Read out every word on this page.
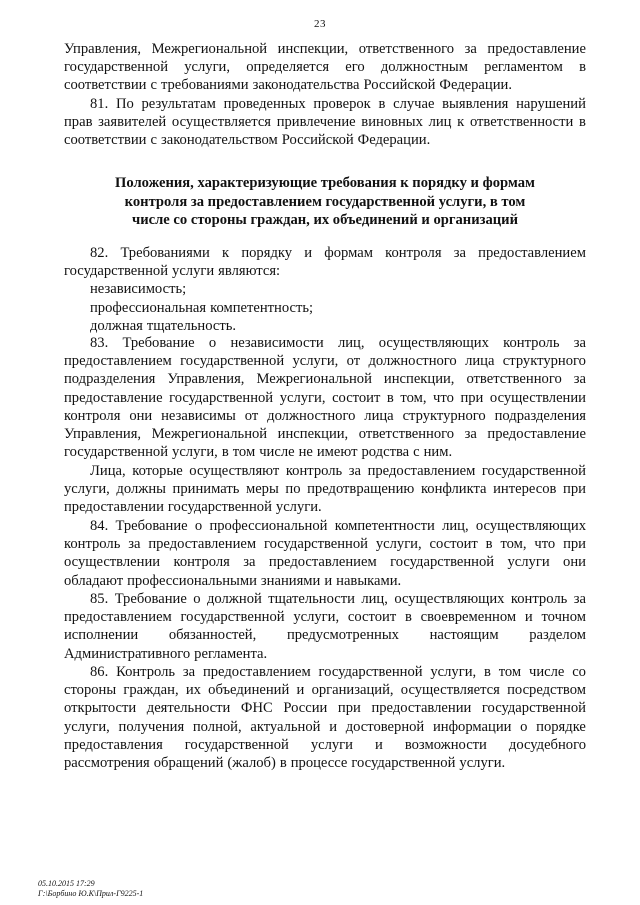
23
Управления, Межрегиональной инспекции, ответственного за предоставление
государственной услуги, определяется его должностным регламентом в
соответствии с требованиями законодательства Российской Федерации.
81. По результатам проведенных проверок в случае выявления нарушений
прав заявителей осуществляется привлечение виновных лиц к ответственности в
соответствии с законодательством Российской Федерации.
Положения, характеризующие требования к порядку и формам
контроля за предоставлением государственной услуги, в том
числе со стороны граждан, их объединений и организаций
82. Требованиями к порядку и формам контроля за предоставлением
государственной услуги являются:
независимость;
профессиональная компетентность;
должная тщательность.
83. Требование о независимости лиц, осуществляющих контроль за
предоставлением государственной услуги, от должностного лица структурного
подразделения Управления, Межрегиональной инспекции, ответственного за
предоставление государственной услуги, состоит в том, что при осуществлении
контроля они независимы от должностного лица структурного подразделения
Управления, Межрегиональной инспекции, ответственного за предоставление
государственной услуги, в том числе не имеют родства с ним.
Лица, которые осуществляют контроль за предоставлением государственной
услуги, должны принимать меры по предотвращению конфликта интересов при
предоставлении государственной услуги.
84. Требование о профессиональной компетентности лиц, осуществляющих
контроль за предоставлением государственной услуги, состоит в том, что при
осуществлении контроля за предоставлением государственной услуги они
обладают профессиональными знаниями и навыками.
85. Требование о должной тщательности лиц, осуществляющих контроль за
предоставлением государственной услуги, состоит в своевременном и точном
исполнении обязанностей, предусмотренных настоящим разделом
Административного регламента.
86. Контроль за предоставлением государственной услуги, в том числе со
стороны граждан, их объединений и организаций, осуществляется посредством
открытости деятельности ФНС России при предоставлении государственной
услуги, получения полной, актуальной и достоверной информации о порядке
предоставления государственной услуги и возможности досудебного
рассмотрения обращений (жалоб) в процессе государственной услуги.
05.10.2015 17:29
Г:\Борбино Ю.К\Прил-Г9225-1
